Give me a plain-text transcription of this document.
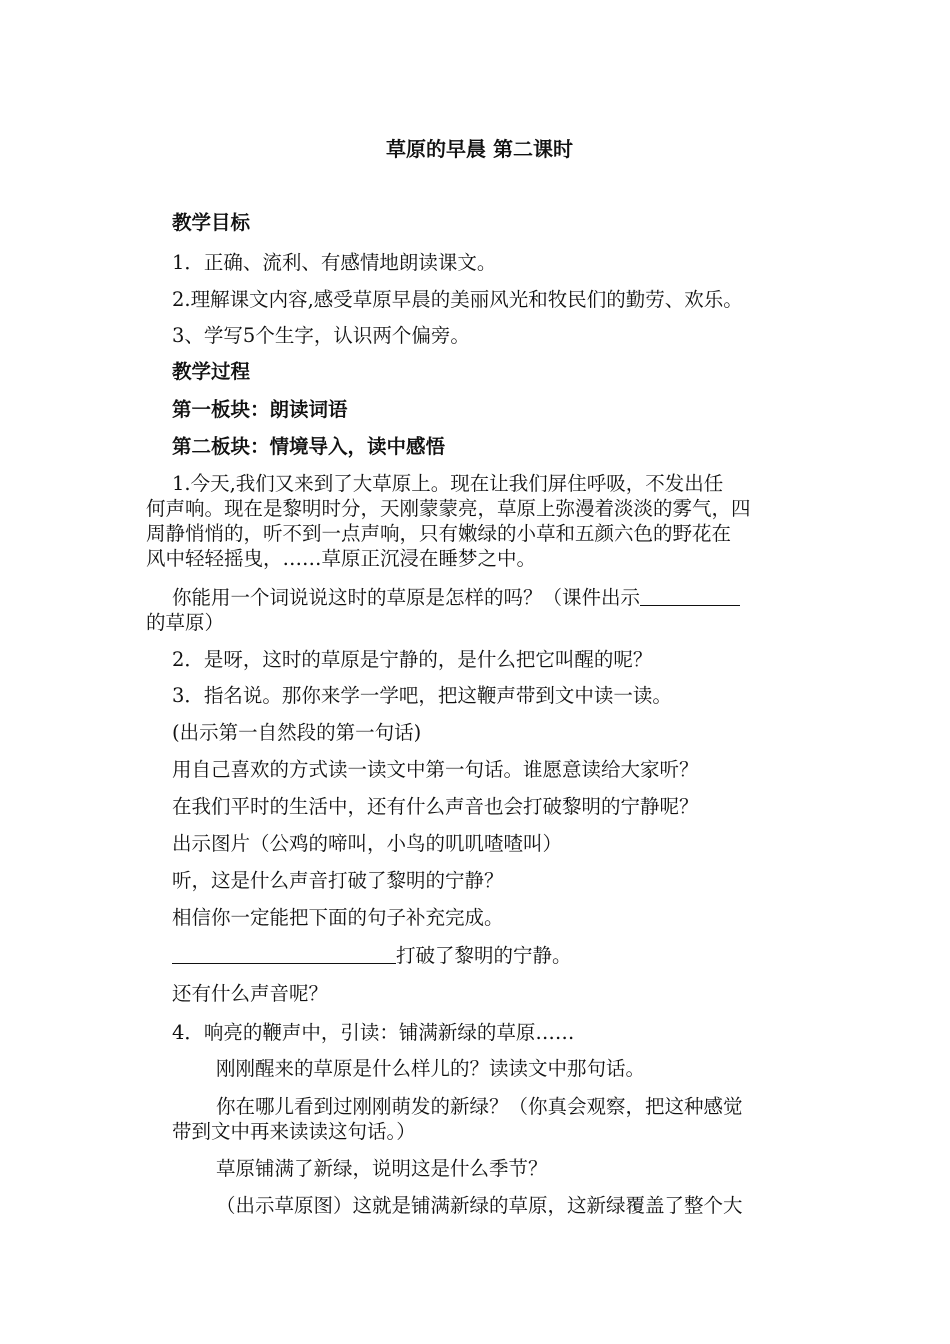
草原的早晨 第二课时

教学目标

1．正确、流利、有感情地朗读课文。

2.理解课文内容,感受草原早晨的美丽风光和牧民们的勤劳、欢乐。

3、学写5个生字，认识两个偏旁。

教学过程

第一板块：朗读词语

第二板块：情境导入，读中感悟

1.今天,我们又来到了大草原上。现在让我们屏住呼吸，不发出任

何声响。现在是黎明时分，天刚蒙蒙亮，草原上弥漫着淡淡的雾气，四

周静悄悄的，听不到一点声响，只有嫩绿的小草和五颜六色的野花在

风中轻轻摇曳，……草原正沉浸在睡梦之中。

你能用一个词说说这时的草原是怎样的吗？（课件出示

的草原）

2．是呀，这时的草原是宁静的，是什么把它叫醒的呢？

3．指名说。那你来学一学吧，把这鞭声带到文中读一读。

(出示第一自然段的第一句话)

用自己喜欢的方式读一读文中第一句话。谁愿意读给大家听？

在我们平时的生活中，还有什么声音也会打破黎明的宁静呢？

出示图片（公鸡的啼叫，小鸟的叽叽喳喳叫）

听，这是什么声音打破了黎明的宁静？

相信你一定能把下面的句子补充完成。

打破了黎明的宁静。

还有什么声音呢？

4．响亮的鞭声中，引读：铺满新绿的草原……

刚刚醒来的草原是什么样儿的？读读文中那句话。

你在哪儿看到过刚刚萌发的新绿？（你真会观察，把这种感觉

带到文中再来读读这句话。）

草原铺满了新绿，说明这是什么季节？

（出示草原图）这就是铺满新绿的草原，这新绿覆盖了整个大
